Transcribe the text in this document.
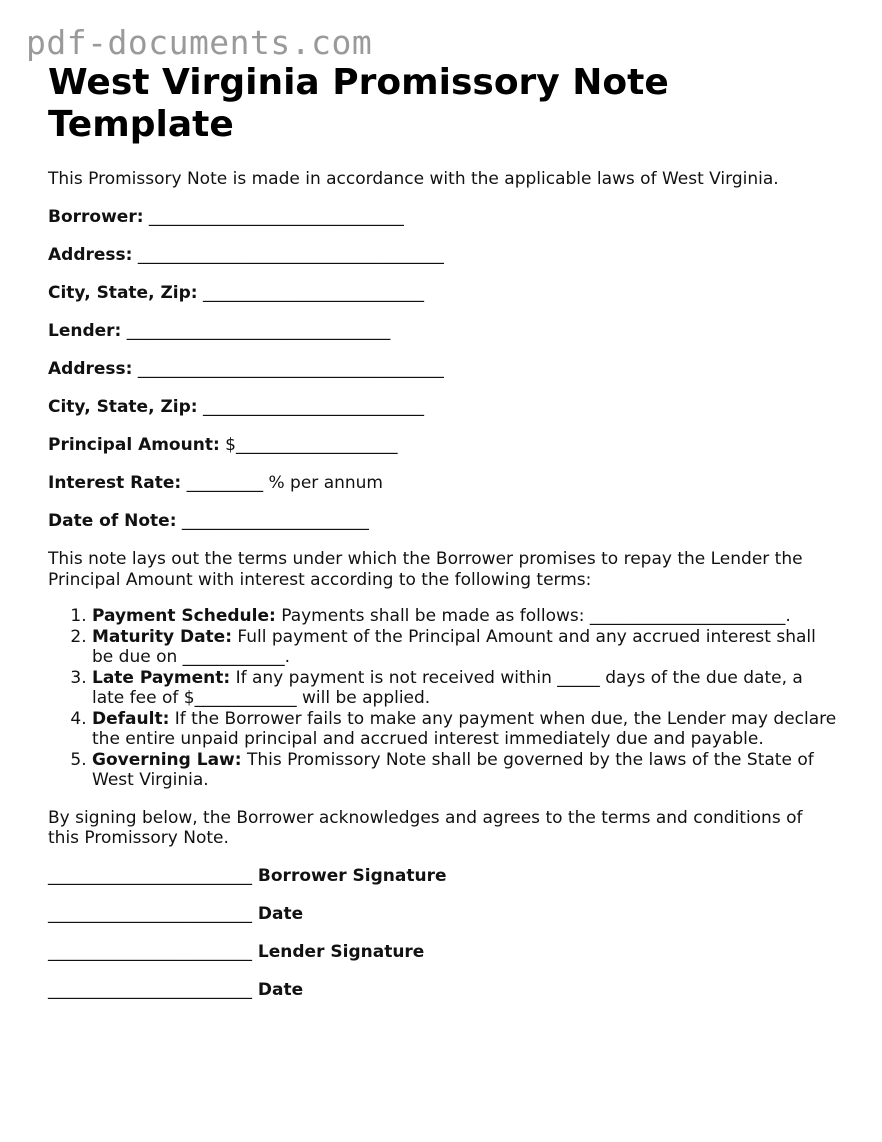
pdf-documents.com
West Virginia Promissory Note Template

This Promissory Note is made in accordance with the applicable laws of West Virginia.

Borrower: ______________________________
Address: ____________________________________
City, State, Zip: __________________________
Lender: _______________________________
Address: ____________________________________
City, State, Zip: __________________________
Principal Amount: $___________________
Interest Rate: _________ % per annum
Date of Note: ______________________

This note lays out the terms under which the Borrower promises to repay the Lender the Principal Amount with interest according to the following terms:

1. Payment Schedule: Payments shall be made as follows: _______________________.
2. Maturity Date: Full payment of the Principal Amount and any accrued interest shall be due on ____________.
3. Late Payment: If any payment is not received within _____ days of the due date, a late fee of $____________ will be applied.
4. Default: If the Borrower fails to make any payment when due, the Lender may declare the entire unpaid principal and accrued interest immediately due and payable.
5. Governing Law: This Promissory Note shall be governed by the laws of the State of West Virginia.

By signing below, the Borrower acknowledges and agrees to the terms and conditions of this Promissory Note.

________________________ Borrower Signature
________________________ Date
________________________ Lender Signature
________________________ Date
